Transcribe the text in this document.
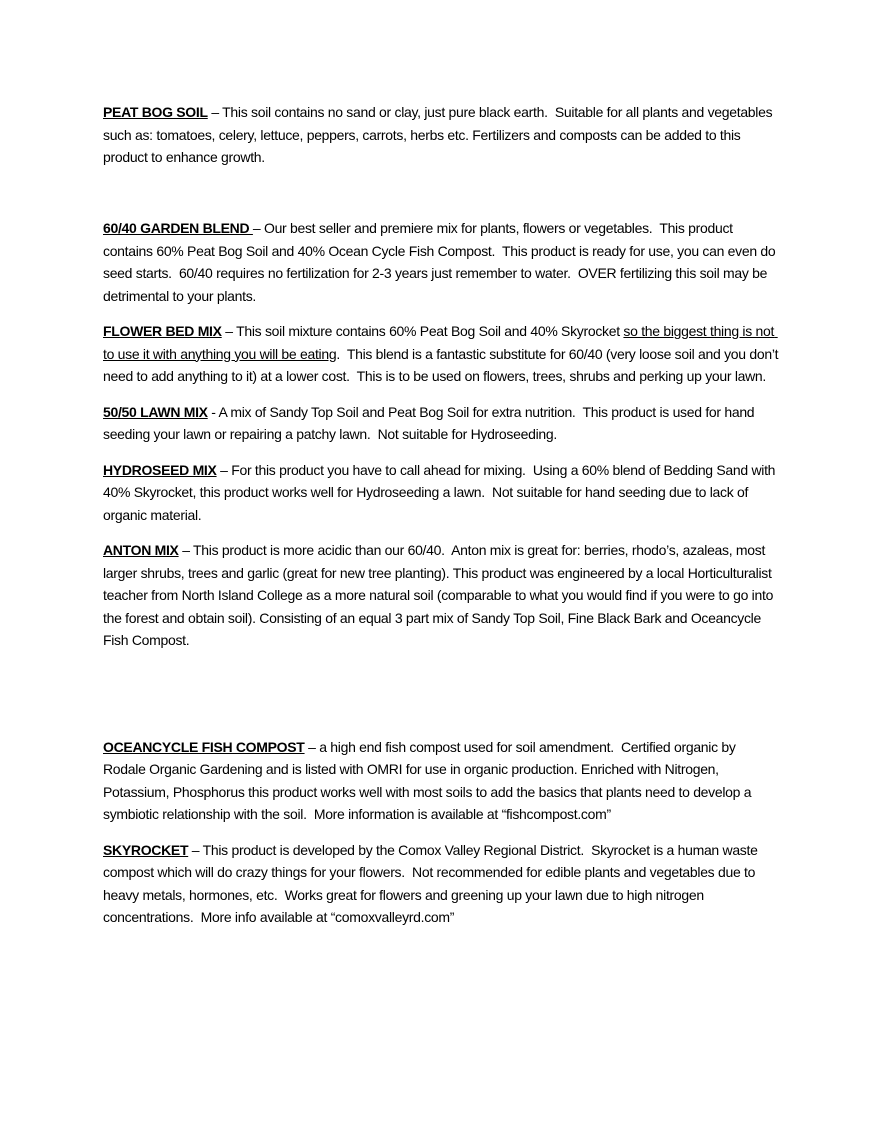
PEAT BOG SOIL – This soil contains no sand or clay, just pure black earth.  Suitable for all plants and vegetables such as: tomatoes, celery, lettuce, peppers, carrots, herbs etc. Fertilizers and composts can be added to this product to enhance growth.

60/40 GARDEN BLEND – Our best seller and premiere mix for plants, flowers or vegetables.  This product contains 60% Peat Bog Soil and 40% Ocean Cycle Fish Compost.  This product is ready for use, you can even do seed starts.  60/40 requires no fertilization for 2-3 years just remember to water.  OVER fertilizing this soil may be detrimental to your plants.

FLOWER BED MIX – This soil mixture contains 60% Peat Bog Soil and 40% Skyrocket so the biggest thing is not to use it with anything you will be eating.  This blend is a fantastic substitute for 60/40 (very loose soil and you don’t need to add anything to it) at a lower cost.  This is to be used on flowers, trees, shrubs and perking up your lawn.

50/50 LAWN MIX - A mix of Sandy Top Soil and Peat Bog Soil for extra nutrition.  This product is used for hand seeding your lawn or repairing a patchy lawn.  Not suitable for Hydroseeding.

HYDROSEED MIX – For this product you have to call ahead for mixing.  Using a 60% blend of Bedding Sand with 40% Skyrocket, this product works well for Hydroseeding a lawn.  Not suitable for hand seeding due to lack of organic material.

ANTON MIX – This product is more acidic than our 60/40.  Anton mix is great for: berries, rhodo’s, azaleas, most larger shrubs, trees and garlic (great for new tree planting). This product was engineered by a local Horticulturalist teacher from North Island College as a more natural soil (comparable to what you would find if you were to go into the forest and obtain soil). Consisting of an equal 3 part mix of Sandy Top Soil, Fine Black Bark and Oceancycle Fish Compost.

OCEANCYCLE FISH COMPOST – a high end fish compost used for soil amendment.  Certified organic by Rodale Organic Gardening and is listed with OMRI for use in organic production. Enriched with Nitrogen, Potassium, Phosphorus this product works well with most soils to add the basics that plants need to develop a symbiotic relationship with the soil.  More information is available at “fishcompost.com”

SKYROCKET – This product is developed by the Comox Valley Regional District.  Skyrocket is a human waste compost which will do crazy things for your flowers.  Not recommended for edible plants and vegetables due to heavy metals, hormones, etc.  Works great for flowers and greening up your lawn due to high nitrogen concentrations.  More info available at “comoxvalleyrd.com”
